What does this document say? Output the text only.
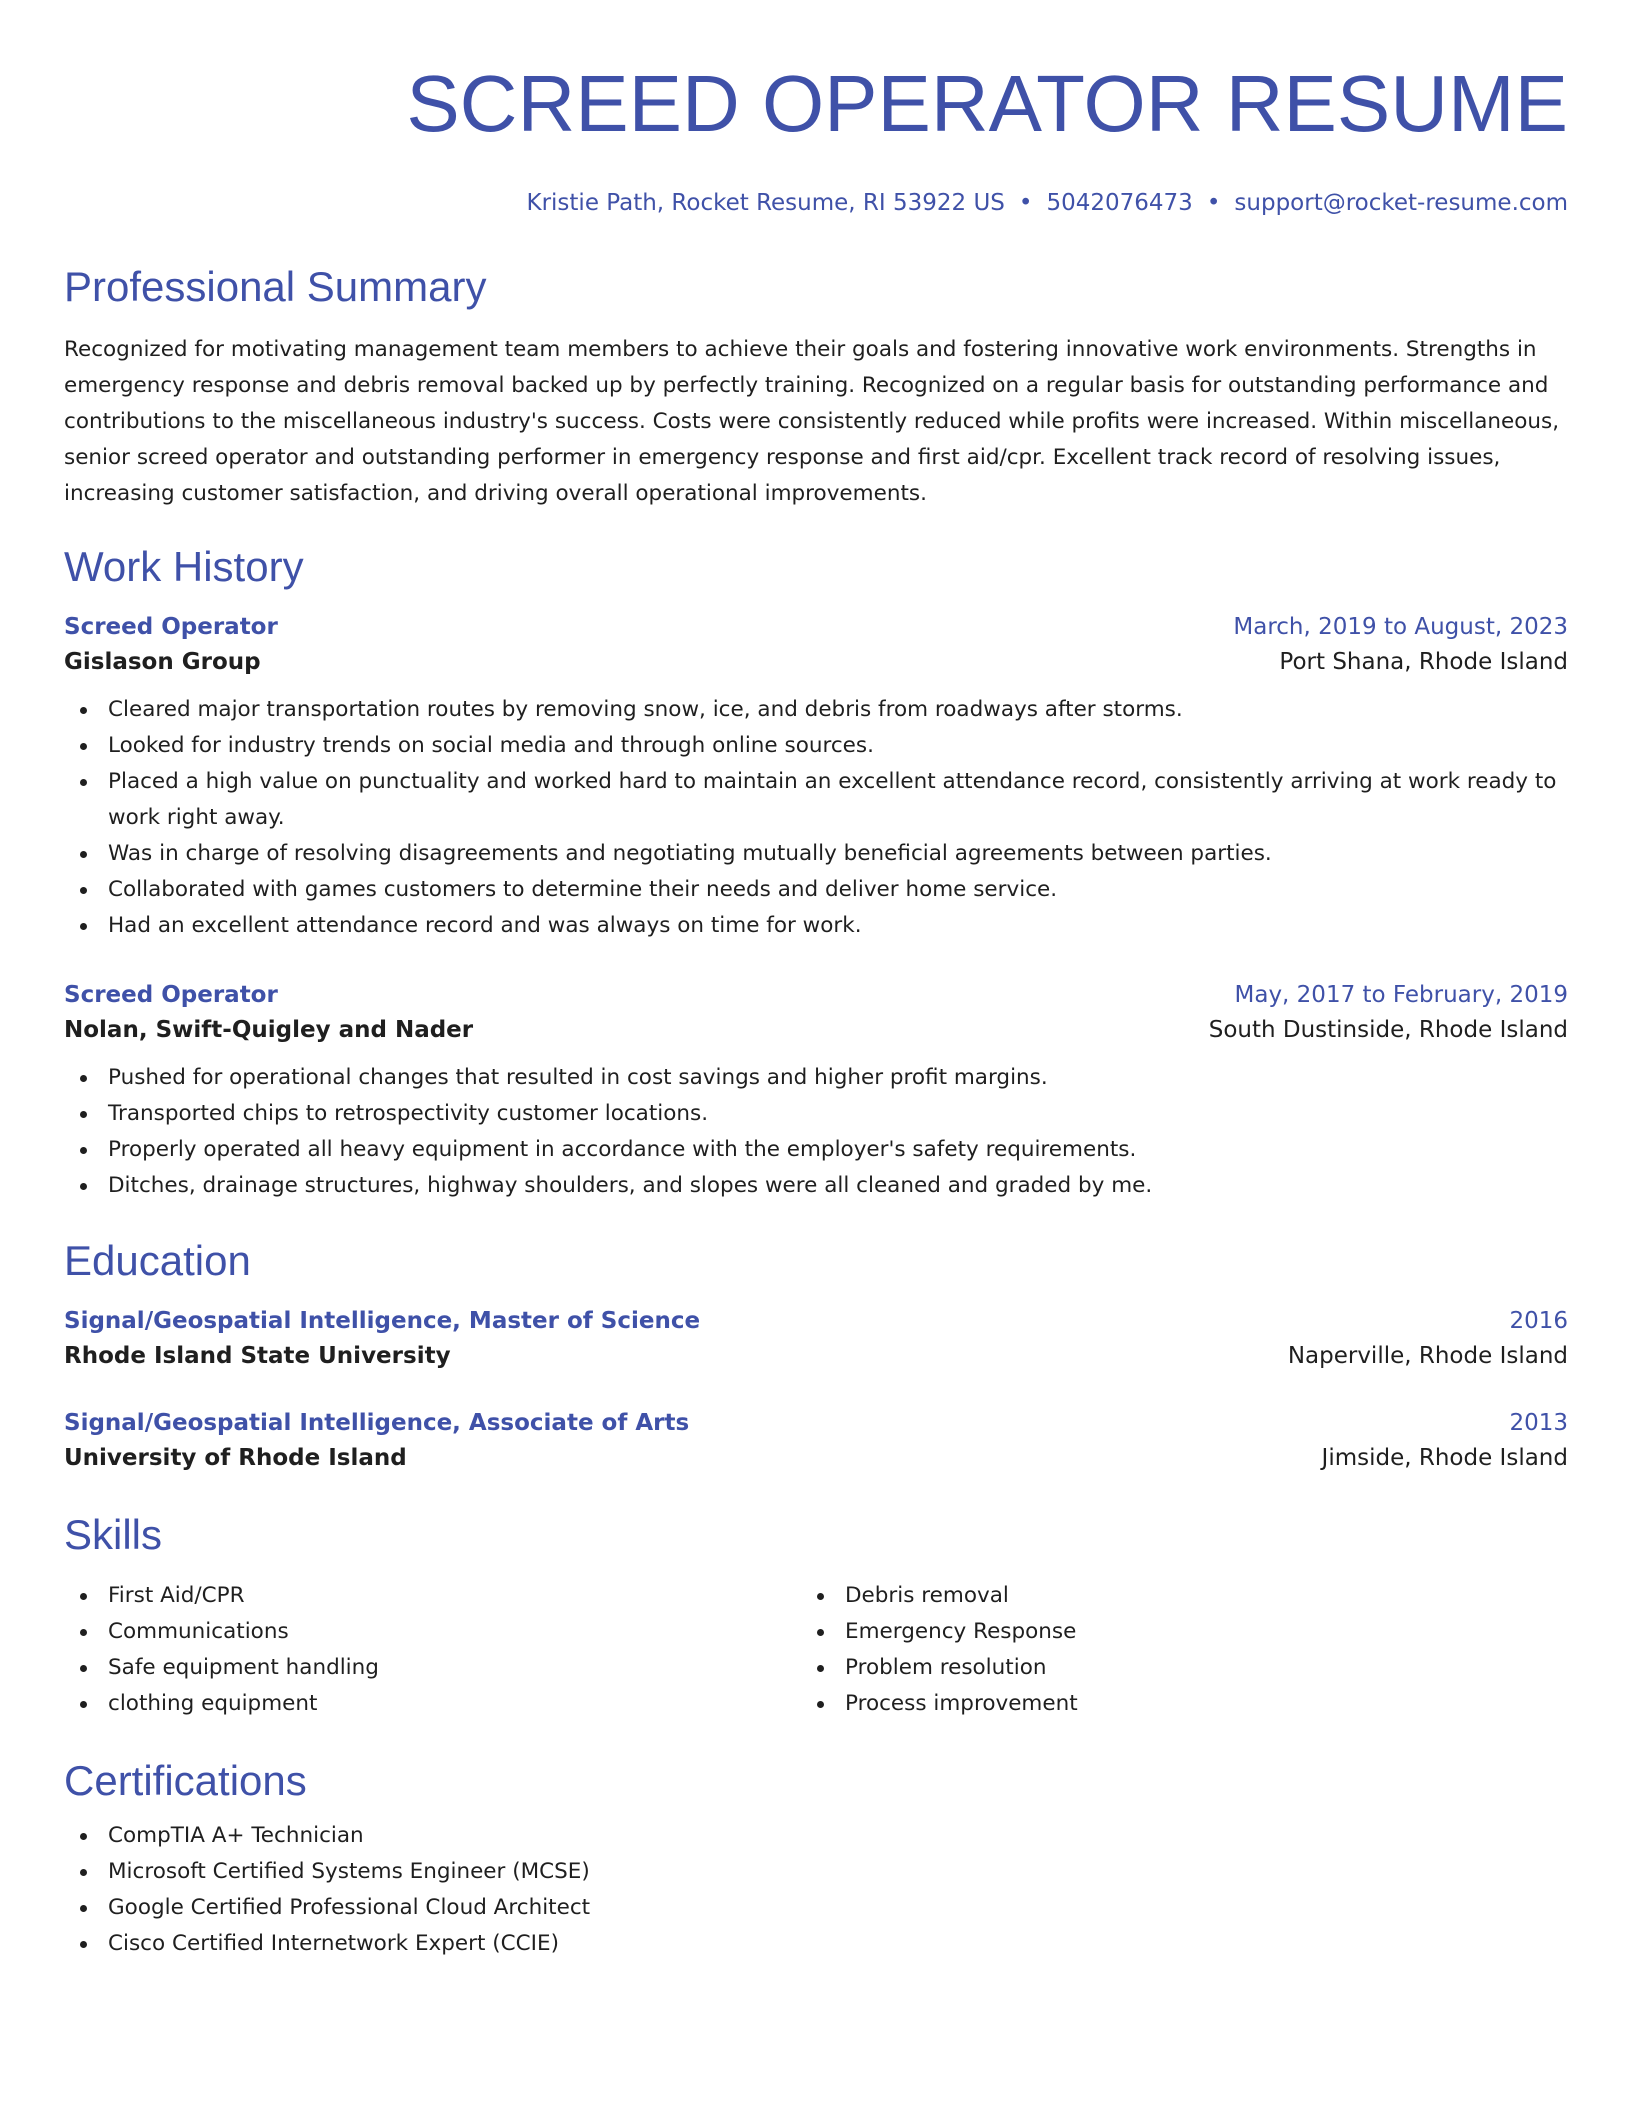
SCREED OPERATOR RESUME
Kristie Path, Rocket Resume, RI 53922 US • 5042076473 • support@rocket-resume.com
Professional Summary

Recognized for motivating management team members to achieve their goals and fostering innovative work environments. Strengths in emergency response and debris removal backed up by perfectly training. Recognized on a regular basis for outstanding performance and contributions to the miscellaneous industry's success. Costs were consistently reduced while profits were increased. Within miscellaneous, senior screed operator and outstanding performer in emergency response and first aid/cpr. Excellent track record of resolving issues, increasing customer satisfaction, and driving overall operational improvements.

Work History
Screed Operator	March, 2019 to August, 2023
Gislason Group	Port Shana, Rhode Island
Cleared major transportation routes by removing snow, ice, and debris from roadways after storms.
Looked for industry trends on social media and through online sources.
Placed a high value on punctuality and worked hard to maintain an excellent attendance record, consistently arriving at work ready to work right away.
Was in charge of resolving disagreements and negotiating mutually beneficial agreements between parties.
Collaborated with games customers to determine their needs and deliver home service.
Had an excellent attendance record and was always on time for work.
Screed Operator	May, 2017 to February, 2019
Nolan, Swift-Quigley and Nader	South Dustinside, Rhode Island
Pushed for operational changes that resulted in cost savings and higher profit margins.
Transported chips to retrospectivity customer locations.
Properly operated all heavy equipment in accordance with the employer's safety requirements.
Ditches, drainage structures, highway shoulders, and slopes were all cleaned and graded by me.
Education
Signal/Geospatial Intelligence, Master of Science	2016
Rhode Island State University	Naperville, Rhode Island
Signal/Geospatial Intelligence, Associate of Arts	2013
University of Rhode Island	Jimside, Rhode Island
Skills
First Aid/CPR
Communications
Safe equipment handling
clothing equipment
Debris removal
Emergency Response
Problem resolution
Process improvement
Certifications
CompTIA A+ Technician
Microsoft Certified Systems Engineer (MCSE)
Google Certified Professional Cloud Architect
Cisco Certified Internetwork Expert (CCIE)
